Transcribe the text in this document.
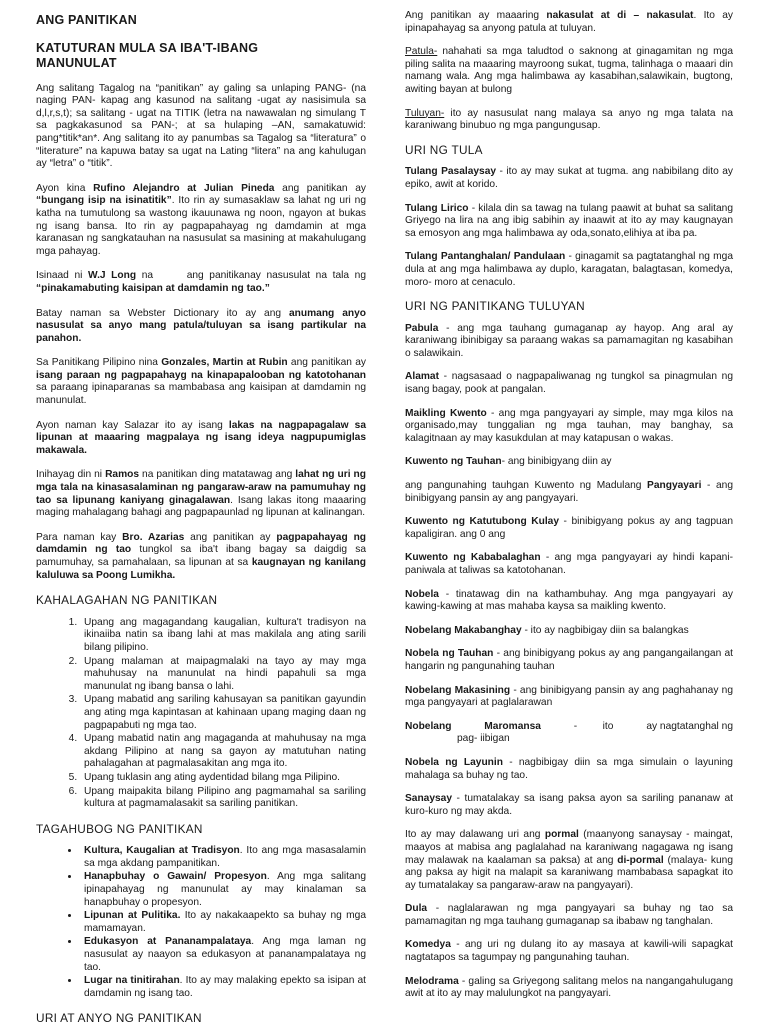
ANG PANITIKAN
KATUTURAN MULA SA IBA'T-IBANG
MANUNULAT

Ang salitang Tagalog na “panitikan” ay galing sa unlaping PANG- (na naging PAN- kapag ang kasunod na salitang -ugat ay nasisimula sa d,l,r,s,t); sa salitang - ugat na TITIK (letra na nawawalan ng simulang T sa pagkakasunod sa PAN-; at sa hulaping –AN, samakatuwid: pang*titik*an*. Ang salitang ito ay panumbas sa Tagalog sa “literatura” o “literature” na kapuwa batay sa ugat na Lating “litera” na ang kahulugan ay “letra” o “titik”.

Ayon kina Rufino Alejandro at Julian Pineda ang panitikan ay “bungang isip na isinatitik”. Ito rin ay sumasaklaw sa lahat ng uri ng katha na tumutulong sa wastong ikauunawa ng noon, ngayon at bukas ng isang bansa. Ito rin ay pagpapahayag ng damdamin at mga karanasan ng sangkatauhan na nasusulat sa masining at makahulugang mga pahayag.

Isinaad ni W.J Long na      ang panitikanay nasusulat na tala ng “pinakamabuting kaisipan at damdamin ng tao.”

Batay naman sa Webster Dictionary ito ay ang anumang anyo nasusulat sa anyo mang patula/tuluyan sa isang partikular na panahon.

Sa Panitikang Pilipino nina Gonzales, Martin at Rubin ang panitikan ay isang paraan ng pagpapahayg na kinapapalooban ng katotohanan sa paraang ipinaparanas sa mambabasa ang kaisipan at damdamin ng manunulat.

Ayon naman kay Salazar ito ay isang lakas na nagpapagalaw sa lipunan at maaaring magpalaya ng isang ideya nagpupumiglas makawala.

Inihayag din ni Ramos na panitikan ding matatawag ang lahat ng uri ng mga tala na kinasasalaminan ng pangaraw-araw na pamumuhay ng tao sa lipunang kaniyang ginagalawan. Isang lakas itong maaaring maging mahalagang bahagi ang pagpapaunlad ng lipunan at kalinangan.

Para naman kay Bro. Azarias ang panitikan ay pagpapahayag ng damdamin ng tao tungkol sa iba't ibang bagay sa daigdig sa pamumuhay, sa pamahalaan, sa lipunan at sa kaugnayan ng kanilang kaluluwa sa Poong Lumikha.

KAHALAGAHAN NG PANITIKAN
1. Upang ang magagandang kaugalian, kultura't tradisyon na ikinaiiba natin sa ibang lahi at mas makilala ang ating sarili bilang pilipino.
2. Upang malaman at maipagmalaki na tayo ay may mga mahuhusay na manunulat na hindi papahuli sa mga manunulat ng ibang bansa o lahi.
3. Upang mabatid ang sariling kahusayan sa panitikan gayundin ang ating mga kapintasan at kahinaan upang maging daan ng pagpapabuti ng mga tao.
4. Upang mabatid natin ang magaganda at mahuhusay na mga akdang Pilipino at nang sa gayon ay matutuhan nating pahalagahan at pagmalasakitan ang mga ito.
5. Upang tuklasin ang ating aydentidad bilang mga Pilipino.
6. Upang maipakita bilang Pilipino ang pagmamahal sa sariling kultura at pagmamalasakit sa sariling panitikan.
TAGAHUBOG NG PANITIKAN
• Kultura, Kaugalian at Tradisyon. Ito ang mga masasalamin sa mga akdang pampanitikan.
• Hanapbuhay o Gawain/ Propesyon. Ang mga salitang ipinapahayag ng manunulat ay may kinalaman sa hanapbuhay o propesyon.
• Lipunan at Pulitika. Ito ay nakakaapekto sa buhay ng mga mamamayan.
• Edukasyon at Pananampalataya. Ang mga laman ng nasusulat ay naayon sa edukasyon at pananampalataya ng tao.
• Lugar na tinitirahan. Ito ay may malaking epekto sa isipan at damdamin ng isang tao.
URI AT ANYO NG PANITIKAN

Ang panitikan ay maaaring nakasulat at di – nakasulat. Ito ay ipinapahayag sa anyong patula at tuluyan.

Patula- nahahati sa mga taludtod o saknong at ginagamitan ng mga piling salita na maaaring mayroong sukat, tugma, talinhaga o maaari din namang wala. Ang mga halimbawa ay kasabihan,salawikain, bugtong, awiting bayan at bulong

Tuluyan- ito ay nasusulat nang malaya sa anyo ng mga talata na karaniwang binubuo ng mga pangungusap.

URI NG TULA

Tulang Pasalaysay - ito ay may sukat at tugma. ang nabibilang dito ay epiko, awit at korido.

Tulang Lirico - kilala din sa tawag na tulang paawit at buhat sa salitang Griyego na lira na ang ibig sabihin ay inaawit at ito ay may kaugnayan sa emosyon ang mga halimbawa ay oda,sonato,elihiya at iba pa.

Tulang Pantanghalan/ Pandulaan - ginagamit sa pagtatanghal ng mga dula at ang mga halimbawa ay duplo, karagatan, balagtasan, komedya, moro- moro at cenaculo.

URI NG PANITIKANG TULUYAN

Pabula - ang mga tauhang gumaganap ay hayop. Ang aral ay karaniwang ibinibigay sa paraang wakas sa pamamagitan ng kasabihan o salawikain.

Alamat - nagsasaad o nagpapaliwanag ng tungkol sa pinagmulan ng isang bagay, pook at pangalan.

Maikling Kwento - ang mga pangyayari ay simple, may mga kilos na organisado,may tunggalian ng mga tauhan, may banghay, sa kalagitnaan ay may kasukdulan at may katapusan o wakas.

Kuwento ng Tauhan- ang binibigyang diin ay

ang pangunahing tauhgan Kuwento ng Madulang Pangyayari - ang binibigyang pansin ay ang pangyayari.

Kuwento ng Katutubong Kulay - binibigyang pokus ay ang tagpuan kapaligiran. ang 0 ang

Kuwento ng Kababalaghan - ang mga pangyayari ay hindi kapani-paniwala at taliwas sa katotohanan.

Nobela - tinatawag din na kathambuhay. Ang mga pangyayari ay kawing-kawing at mas mahaba kaysa sa maikling kwento.

Nobelang Makabanghay - ito ay nagbibigay diin sa balangkas

Nobela ng Tauhan - ang binibigyang pokus ay ang pangangailangan at hangarin ng pangunahing tauhan

Nobelang Makasining - ang binibigyang pansin ay ang paghahanay ng mga pangyayari at paglalarawan

Nobelang	Maromansa	-         ito	ay nagtatanghal ng

pag- iibigan

Nobela ng Layunin - nagbibigay diin sa mga simulain o layuning mahalaga sa buhay ng tao.

Sanaysay - tumatalakay sa isang paksa ayon sa sariling pananaw at kuro-kuro ng may akda.

Ito ay may dalawang uri ang pormal (maanyong sanaysay - maingat, maayos at mabisa ang paglalahad na karaniwang nagagawa ng isang may malawak na kaalaman sa paksa) at ang di-pormal (malaya- kung ang paksa ay higit na malapit sa karaniwang mambabasa sapagkat ito ay tumatalakay sa pangaraw-araw na pangyayari).

Dula - naglalarawan ng mga pangyayari sa buhay ng tao sa pamamagitan ng mga tauhang gumaganap sa ibabaw ng tanghalan.

Komedya - ang uri ng dulang ito ay masaya at kawili-wili sapagkat nagtatapos sa tagumpay ng pangunahing tauhan.

Melodrama - galing sa Griyegong salitang melos na nangangahulugang awit at ito ay may malulungkot na pangyayari.
